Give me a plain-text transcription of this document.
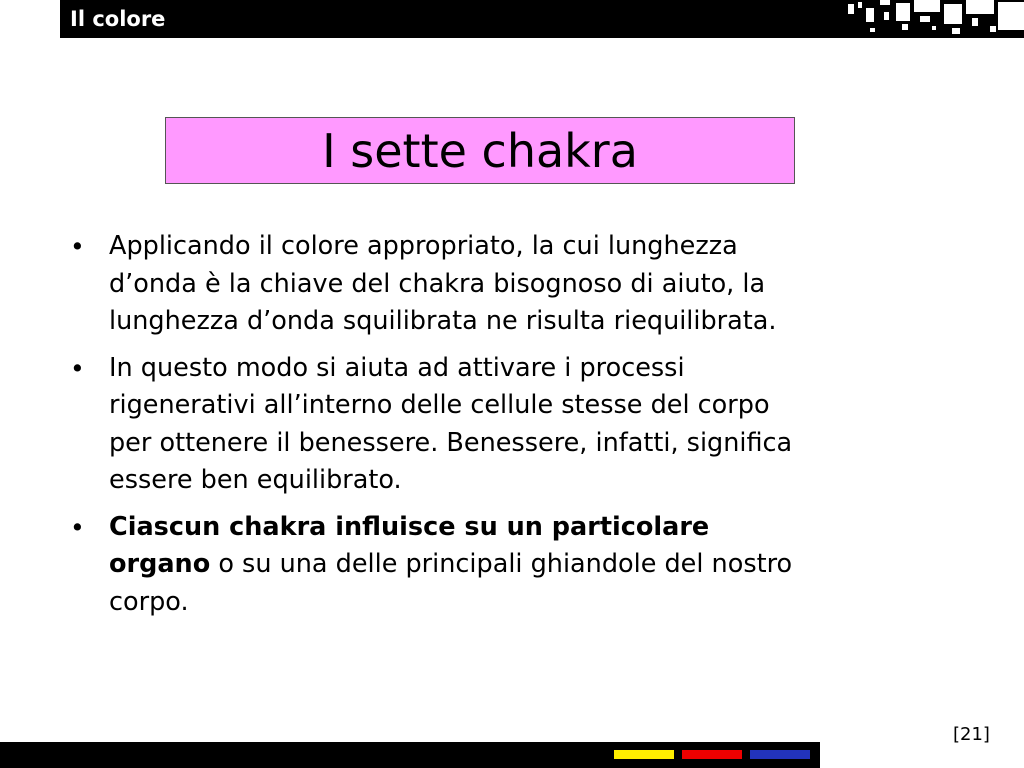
Il colore
I sette chakra
• Applicando il colore appropriato, la cui lunghezza d’onda è la chiave del chakra bisognoso di aiuto, la lunghezza d’onda squilibrata ne risulta riequilibrata.
• In questo modo si aiuta ad attivare i processi rigenerativi all’interno delle cellule stesse del corpo per ottenere il benessere. Benessere, infatti, significa essere ben equilibrato.
• Ciascun chakra influisce su un particolare organo o su una delle principali ghiandole del nostro corpo.
[21]
